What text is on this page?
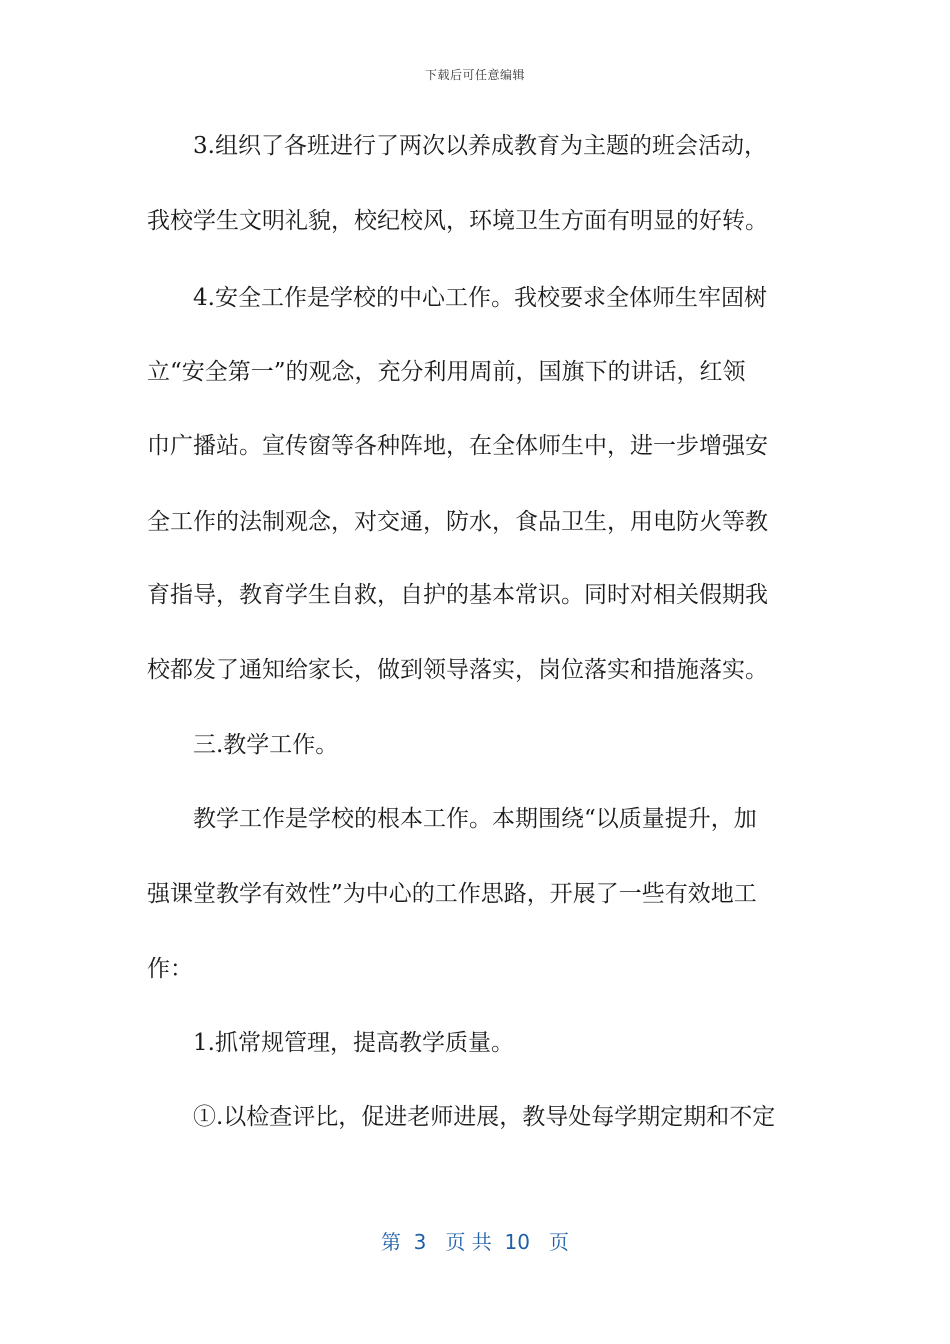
下载后可任意编辑
3.组织了各班进行了两次以养成教育为主题的班会活动，
我校学生文明礼貌，校纪校风，环境卫生方面有明显的好转。
4.安全工作是学校的中心工作。我校要求全体师生牢固树
立“安全第一”的观念，充分利用周前，国旗下的讲话，红领
巾广播站。宣传窗等各种阵地，在全体师生中，进一步增强安
全工作的法制观念，对交通，防水，食品卫生，用电防火等教
育指导，教育学生自救，自护的基本常识。同时对相关假期我
校都发了通知给家长，做到领导落实，岗位落实和措施落实。
三.教学工作。
教学工作是学校的根本工作。本期围绕“以质量提升，加
强课堂教学有效性”为中心的工作思路，开展了一些有效地工
作：
1.抓常规管理，提高教学质量。
①.以检查评比，促进老师进展，教导处每学期定期和不定
第  3   页 共  10   页
